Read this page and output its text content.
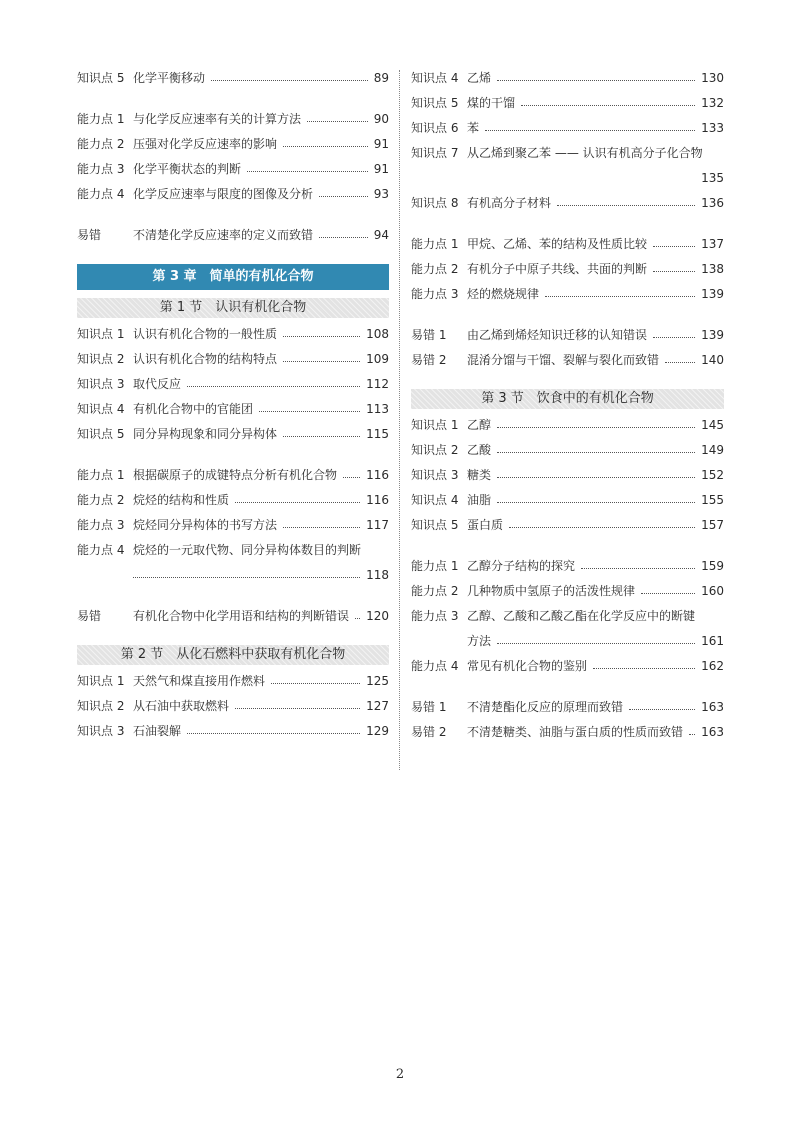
知识点 5 化学平衡移动	89
能力点 1 与化学反应速率有关的计算方法	90
能力点 2 压强对化学反应速率的影响	91
能力点 3 化学平衡状态的判断	91
能力点 4 化学反应速率与限度的图像及分析	93
易错	不清楚化学反应速率的定义而致错	94
第 3 章　简单的有机化合物
第 1 节　认识有机化合物
知识点 1 认识有机化合物的一般性质	108
知识点 2 认识有机化合物的结构特点	109
知识点 3 取代反应	112
知识点 4 有机化合物中的官能团	113
知识点 5 同分异构现象和同分异构体	115
能力点 1 根据碳原子的成键特点分析有机化合物 116
能力点 2 烷烃的结构和性质	116
能力点 3 烷烃同分异构体的书写方法	117
能力点 4 烷烃的一元取代物、同分异构体数目的判断
118
易错	有机化合物中化学用语和结构的判断错误 120
第 2 节　从化石燃料中获取有机化合物
知识点 1 天然气和煤直接用作燃料	125
知识点 2 从石油中获取燃料	127
知识点 3 石油裂解	129
知识点 4 乙烯	130
知识点 5 煤的干馏	132
知识点 6 苯	133
知识点 7 从乙烯到聚乙苯 —— 认识有机高分子化合物
135
知识点 8 有机高分子材料	136
能力点 1 甲烷、乙烯、苯的结构及性质比较	137
能力点 2 有机分子中原子共线、共面的判断	138
能力点 3 烃的燃烧规律	139
易错 1	由乙烯到烯烃知识迁移的认知错误	139
易错 2	混淆分馏与干馏、裂解与裂化而致错	140
第 3 节　饮食中的有机化合物
知识点 1 乙醇	145
知识点 2 乙酸	149
知识点 3 糖类	152
知识点 4 油脂	155
知识点 5 蛋白质	157
能力点 1 乙醇分子结构的探究	159
能力点 2 几种物质中氢原子的活泼性规律	160
能力点 3 乙醇、乙酸和乙酸乙酯在化学反应中的断键
方法	161
能力点 4 常见有机化合物的鉴别	162
易错 1	不清楚酯化反应的原理而致错	163
易错 2	不清楚糖类、油脂与蛋白质的性质而致错 163
2
